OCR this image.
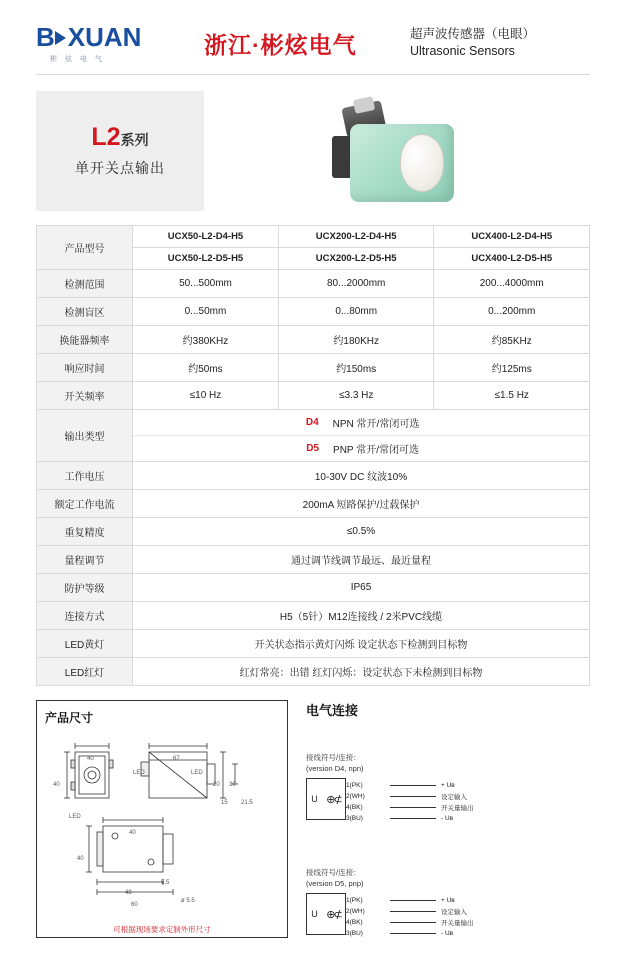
B XUAN
彬 炫 电 气
浙江·彬炫电气	超声波传感器（电眼）
Ultrasonic Sensors
L2系列
单开关点输出
产品型号	UCX50-L2-D4-H5	UCX200-L2-D4-H5	UCX400-L2-D4-H5
	UCX50-L2-D5-H5	UCX200-L2-D5-H5	UCX400-L2-D5-H5
检测范围	50...500mm	80...2000mm	200...4000mm
检测盲区	0...50mm	0...80mm	0...200mm
换能器频率	约380KHz	约180KHz	约85KHz
响应时间	约50ms	约150ms	约125ms
开关频率	≤10 Hz	≤3.3 Hz	≤1.5 Hz
输出类型	D4 NPN 常开/常闭可选
D5 PNP 常开/常闭可选		

工作电压	10-30V DC 纹波10%		
额定工作电流	200mA 短路保护/过载保护		
重复精度	≤0.5%		
量程调节	通过调节线调节最远、最近量程		
防护等级	IP65		
连接方式	H5（5针）M12连接线 / 2米PVC线缆		
LED黄灯	开关状态指示黄灯闪烁 设定状态下检测到目标物		
LED红灯	红灯常亮：出错 红灯闪烁：设定状态下未检测到目标物		
产品尺寸
LED
LED	LED
40
40	20
67
30
40
40
48
60
5.5
ø 5.5
15 21.5
可根据现场要求定制外形尺寸
电气连接
接线符号/连接：
(version D4, npn)
U ⊕⊄
1(PK)	+ Uʙ
2(WH)	设定输入
4(BK)	开关量输出
3(BU)	- Uʙ
接线符号/连接：
(version D5, pnp)
U ⊕⊄
1(PK)	+ Uʙ
2(WH)	设定输入
4(BK)	开关量输出
3(BU)	- Uʙ
